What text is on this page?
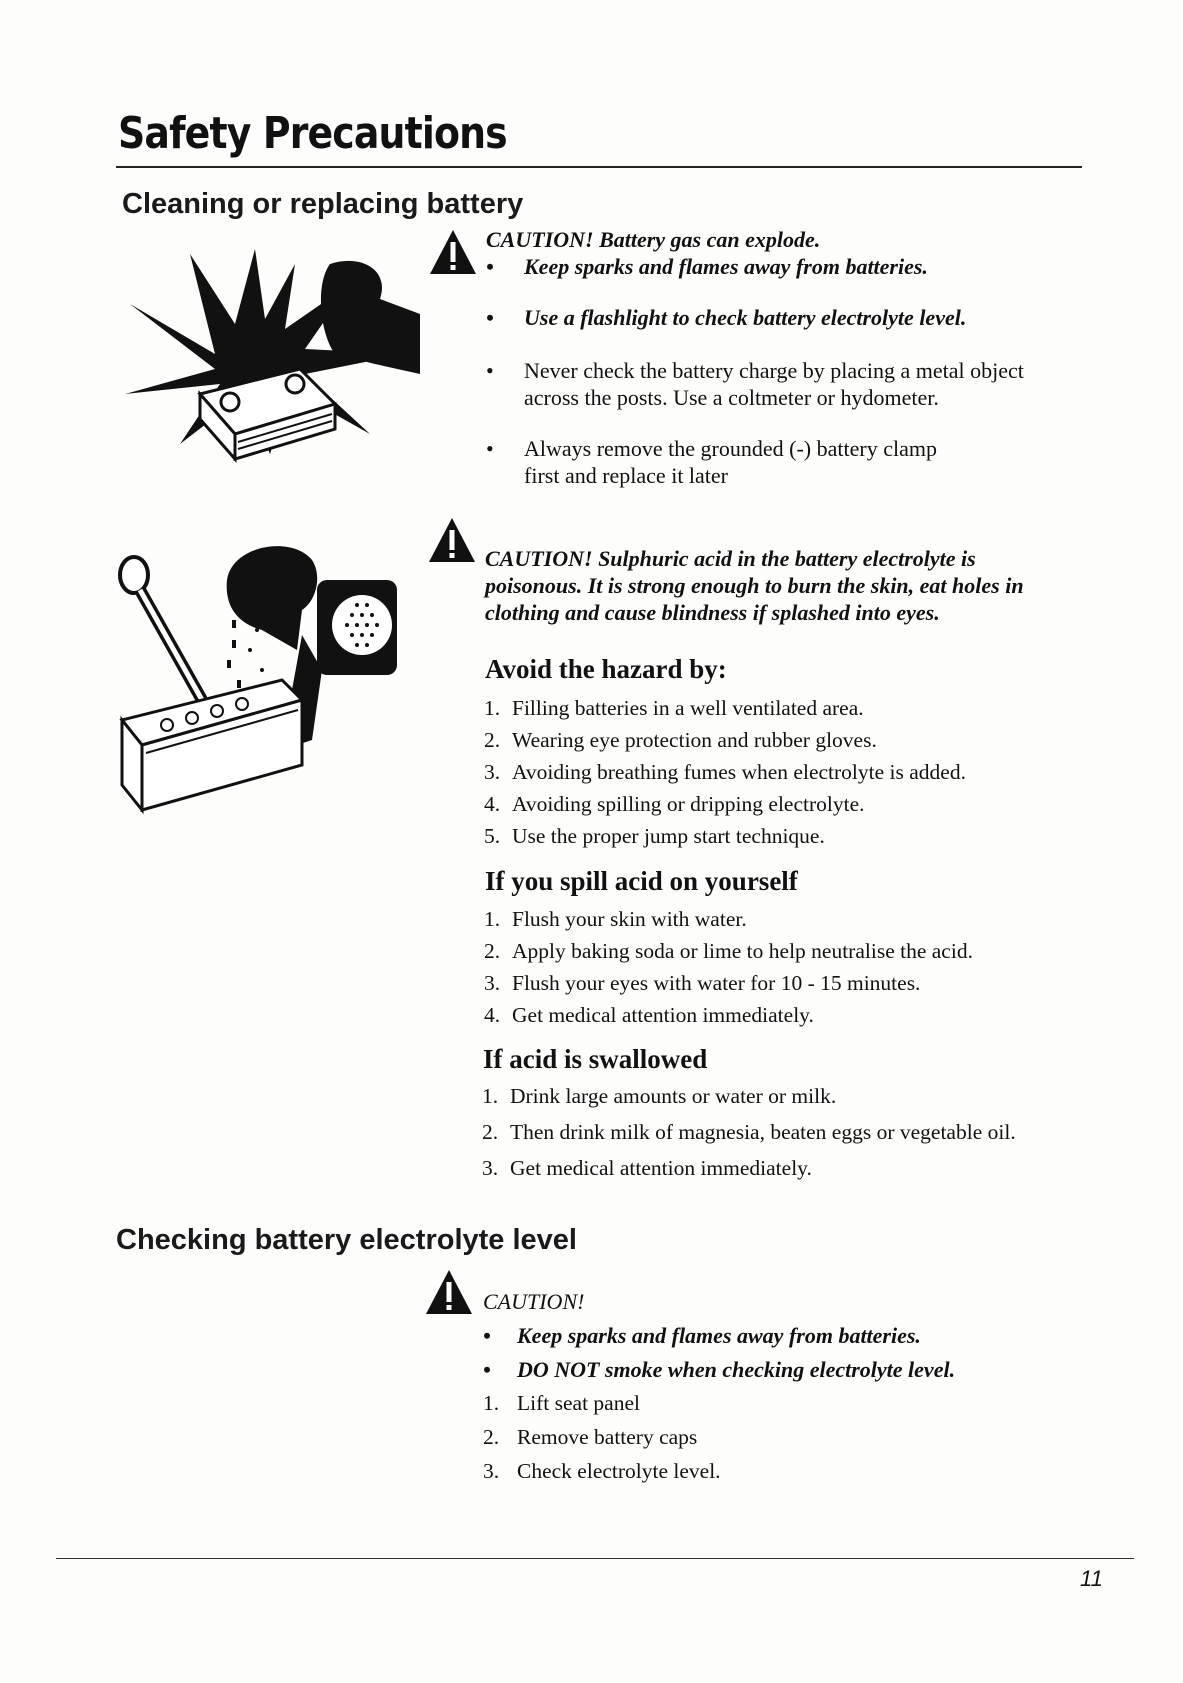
Safety Precautions
Cleaning or replacing battery
CAUTION! Battery gas can explode.
•	Keep sparks and flames away from batteries.
•	Use a flashlight to check battery electrolyte level.
•	Never check the battery charge by placing a metal object across the posts. Use a coltmeter or hydometer.
•	Always remove the grounded (-) battery clamp first and replace it later
CAUTION! Sulphuric acid in the battery electrolyte is poisonous. It is strong enough to burn the skin, eat holes in clothing and cause blindness if splashed into eyes.
Avoid the hazard by:
1. Filling batteries in a well ventilated area.
2. Wearing eye protection and rubber gloves.
3. Avoiding breathing fumes when electrolyte is added.
4. Avoiding spilling or dripping electrolyte.
5. Use the proper jump start technique.
If you spill acid on yourself
1. Flush your skin with water.
2. Apply baking soda or lime to help neutralise the acid.
3. Flush your eyes with water for 10 - 15 minutes.
4. Get medical attention immediately.
If acid is swallowed
1. Drink large amounts or water or milk.
2. Then drink milk of magnesia, beaten eggs or vegetable oil.
3. Get medical attention immediately.
Checking battery electrolyte level
CAUTION!
•	Keep sparks and flames away from batteries.
•	DO NOT smoke when checking electrolyte level.
1. Lift seat panel
2. Remove battery caps
3. Check electrolyte level.
11
